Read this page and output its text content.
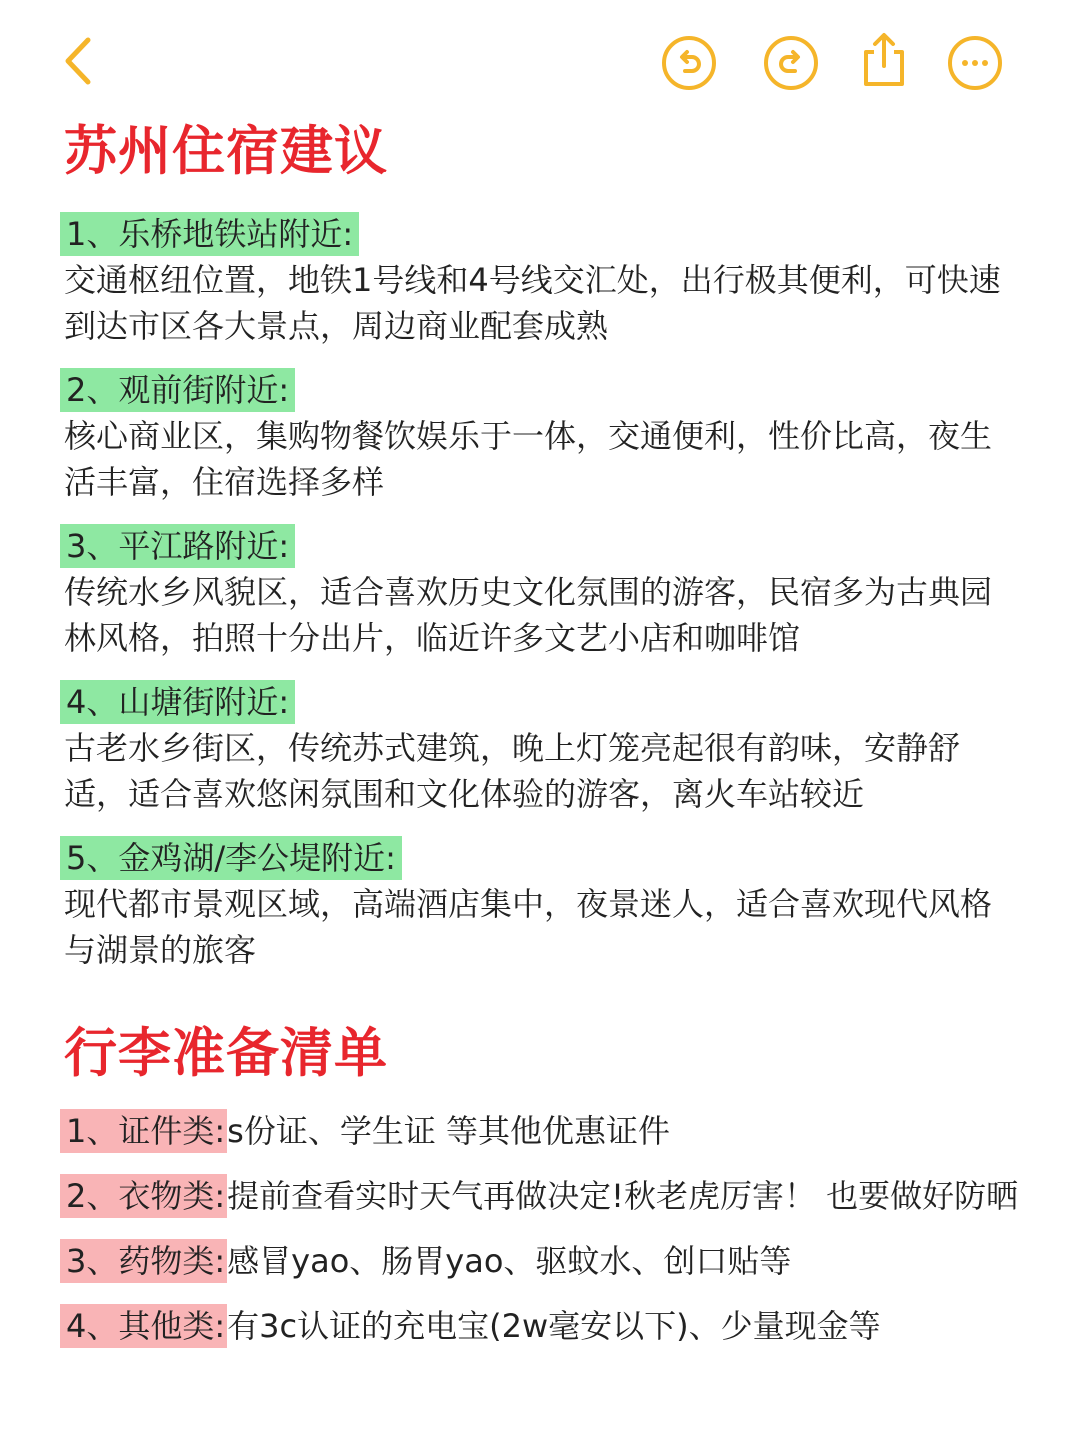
苏州住宿建议
1、乐桥地铁站附近:
交通枢纽位置，地铁1号线和4号线交汇处，出行极其便利，可快速
到达市区各大景点，周边商业配套成熟
2、观前街附近:
核心商业区，集购物餐饮娱乐于一体，交通便利，性价比高，夜生
活丰富，住宿选择多样
3、平江路附近:
传统水乡风貌区，适合喜欢历史文化氛围的游客，民宿多为古典园
林风格，拍照十分出片，临近许多文艺小店和咖啡馆
4、山塘街附近:
古老水乡街区，传统苏式建筑，晚上灯笼亮起很有韵味，安静舒
适，适合喜欢悠闲氛围和文化体验的游客，离火车站较近
5、金鸡湖/李公堤附近:
现代都市景观区域，高端酒店集中，夜景迷人，适合喜欢现代风格
与湖景的旅客
行李准备清单
1、证件类:s份证、学生证 等其他优惠证件
2、衣物类:提前查看实时天气再做决定!秋老虎厉害！ 也要做好防晒
3、药物类:感冒yao、肠胃yao、驱蚊水、创口贴等
4、其他类:有3c认证的充电宝(2w毫安以下)、少量现金等
